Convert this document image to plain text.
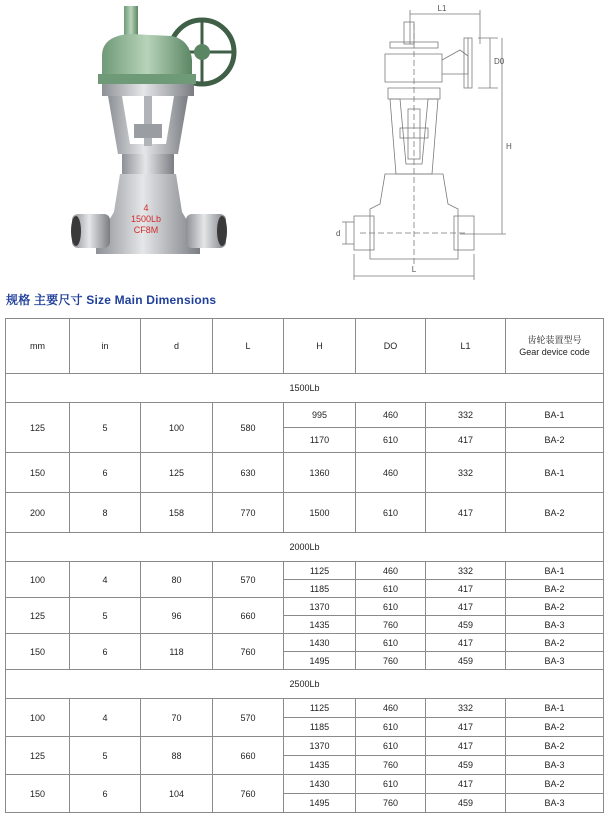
4
1500Lb
CF8M
L1
D0
H
d
L
规格 主要尺寸 Size Main Dimensions
mm	in	d	L	H	DO	L1	齿轮装置型号
Gear device code

1500Lb							
125	5	100	580	995	460	332	BA-1
				1170	610	417	BA-2
150	6	125	630	1360	460	332	BA-1
200	8	158	770	1500	610	417	BA-2
2000Lb							
100	4	80	570	1125	460	332	BA-1
				1185	610	417	BA-2
125	5	96	660	1370	610	417	BA-2
				1435	760	459	BA-3
150	6	118	760	1430	610	417	BA-2
				1495	760	459	BA-3
2500Lb							
100	4	70	570	1125	460	332	BA-1
				1185	610	417	BA-2
125	5	88	660	1370	610	417	BA-2
				1435	760	459	BA-3
150	6	104	760	1430	610	417	BA-2
				1495	760	459	BA-3
